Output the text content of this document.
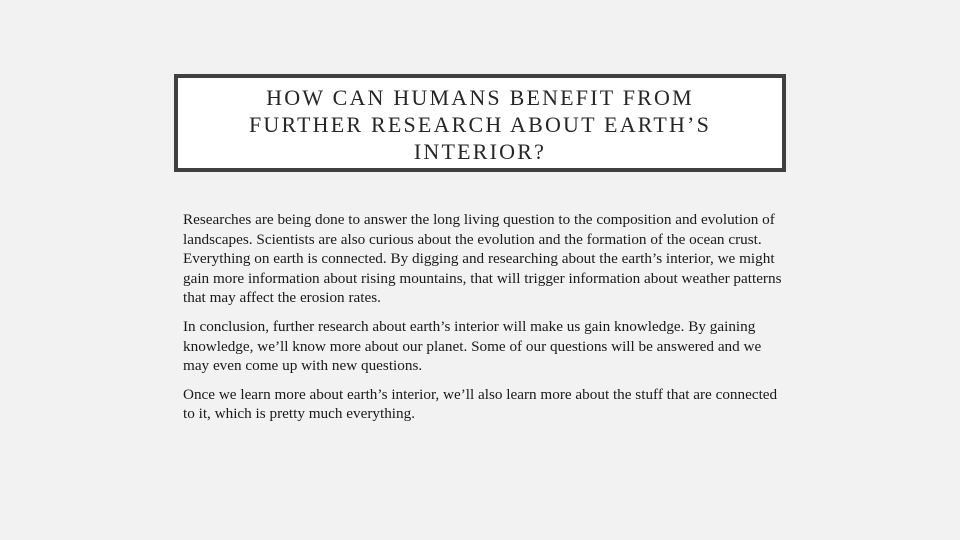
HOW CAN HUMANS BENEFIT FROM
FURTHER RESEARCH ABOUT EARTH’S
INTERIOR?

Researches are being done to answer the long living question to the composition and evolution of landscapes. Scientists are also curious about the evolution and the formation of the ocean crust. Everything on earth is connected. By digging and researching about the earth’s interior, we might gain more information about rising mountains, that will trigger information about weather patterns that may affect the erosion rates.

In conclusion, further research about earth’s interior will make us gain knowledge. By gaining knowledge, we’ll know more about our planet. Some of our questions will be answered and we may even come up with new questions.

Once we learn more about earth’s interior, we’ll also learn more about the stuff that are connected to it, which is pretty much everything.
